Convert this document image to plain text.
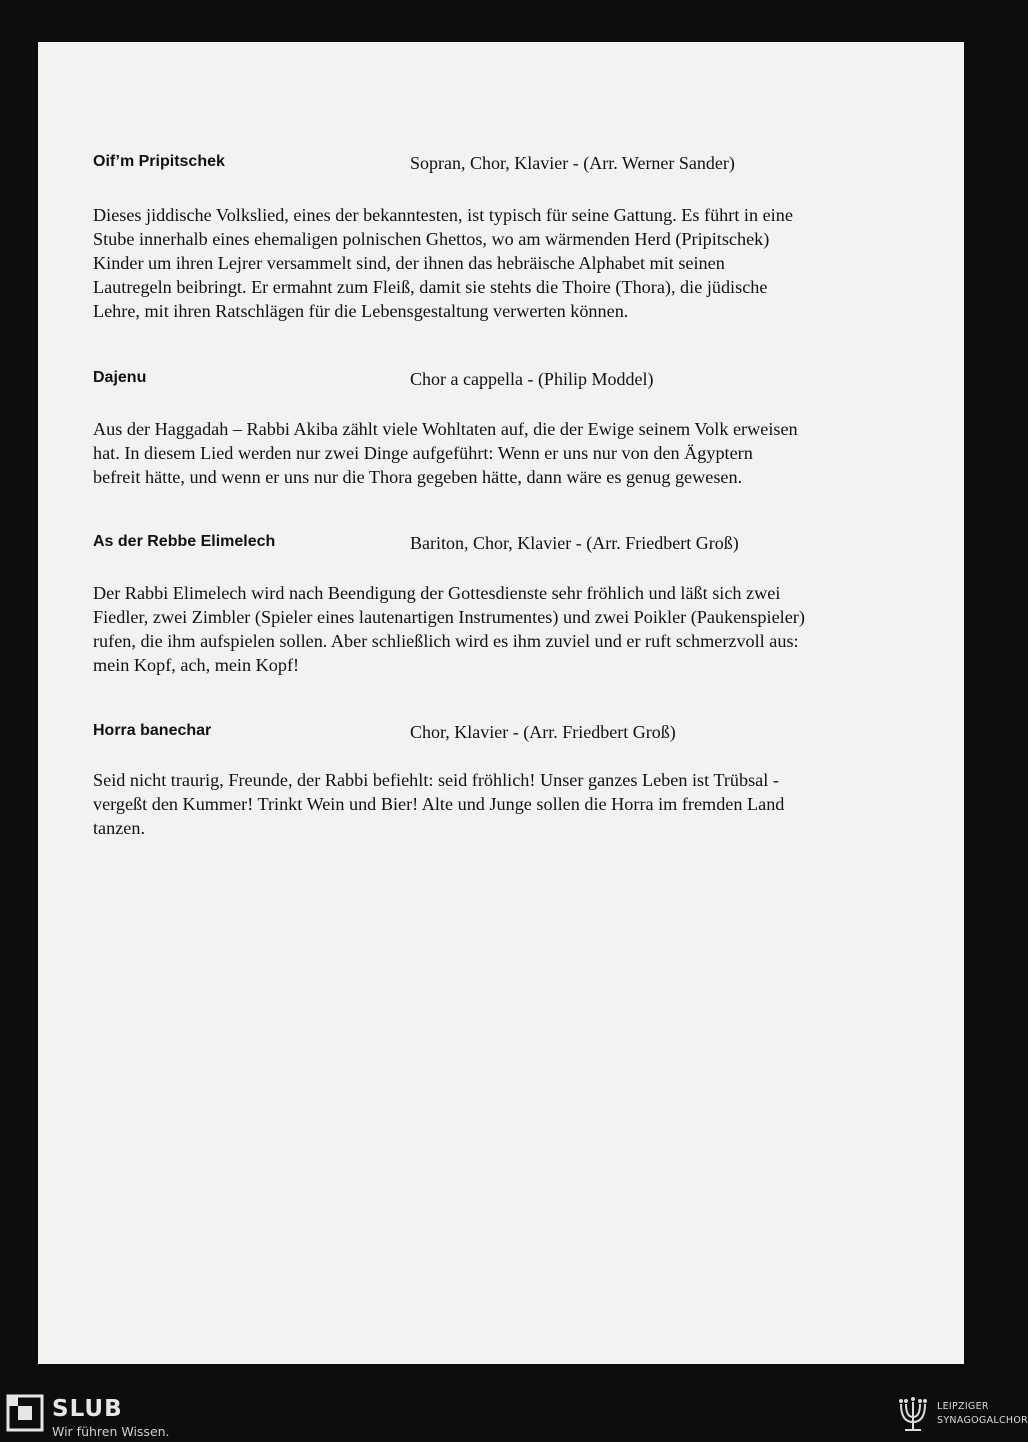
Oif’m Pripitschek	Sopran, Chor, Klavier - (Arr. Werner Sander)
Dieses jiddische Volkslied, eines der bekanntesten, ist typisch für seine Gattung. Es führt in eine
Stube innerhalb eines ehemaligen polnischen Ghettos, wo am wärmenden Herd (Pripitschek)
Kinder um ihren Lejrer versammelt sind, der ihnen das hebräische Alphabet mit seinen
Lautregeln beibringt. Er ermahnt zum Fleiß, damit sie stehts die Thoire (Thora), die jüdische
Lehre, mit ihren Ratschlägen für die Lebensgestaltung verwerten können.
Dajenu	Chor a cappella - (Philip Moddel)
Aus der Haggadah – Rabbi Akiba zählt viele Wohltaten auf, die der Ewige seinem Volk erweisen
hat. In diesem Lied werden nur zwei Dinge aufgeführt: Wenn er uns nur von den Ägyptern
befreit hätte, und wenn er uns nur die Thora gegeben hätte, dann wäre es genug gewesen.
As der Rebbe Elimelech	Bariton, Chor, Klavier - (Arr. Friedbert Groß)
Der Rabbi Elimelech wird nach Beendigung der Gottesdienste sehr fröhlich und läßt sich zwei
Fiedler, zwei Zimbler (Spieler eines lautenartigen Instrumentes) und zwei Poikler (Paukenspieler)
rufen, die ihm aufspielen sollen. Aber schließlich wird es ihm zuviel und er ruft schmerzvoll aus:
mein Kopf, ach, mein Kopf!
Horra banechar	Chor, Klavier - (Arr. Friedbert Groß)
Seid nicht traurig, Freunde, der Rabbi befiehlt: seid fröhlich! Unser ganzes Leben ist Trübsal -
vergeßt den Kummer! Trinkt Wein und Bier! Alte und Junge sollen die Horra im fremden Land
tanzen.
SLUB
Wir führen Wissen.
LEIPZIGER
SYNAGOGALCHOR
